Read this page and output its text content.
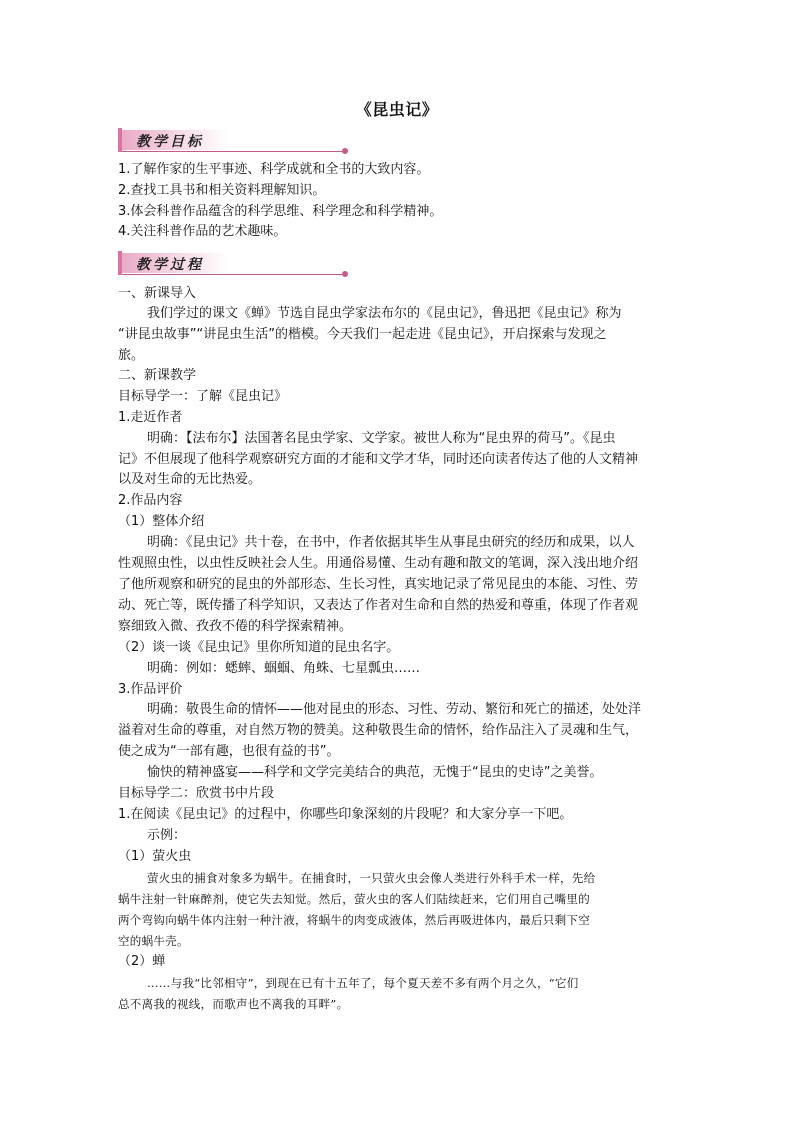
《昆虫记》
教学目标
1.了解作家的生平事迹、科学成就和全书的大致内容。
2.查找工具书和相关资料理解知识。
3.体会科普作品蕴含的科学思维、科学理念和科学精神。
4.关注科普作品的艺术趣味。
教学过程
一、新课导入
我们学过的课文《蝉》节选自昆虫学家法布尔的《昆虫记》，鲁迅把《昆虫记》称为
“讲昆虫故事”“讲昆虫生活”的楷模。今天我们一起走进《昆虫记》，开启探索与发现之
旅。
二、新课教学
目标导学一：了解《昆虫记》
1.走近作者
明确：【法布尔】法国著名昆虫学家、文学家。被世人称为“昆虫界的荷马”。《昆虫
记》不但展现了他科学观察研究方面的才能和文学才华，同时还向读者传达了他的人文精神
以及对生命的无比热爱。
2.作品内容
（1）整体介绍
明确：《昆虫记》共十卷，在书中，作者依据其毕生从事昆虫研究的经历和成果，以人
性观照虫性，以虫性反映社会人生。用通俗易懂、生动有趣和散文的笔调，深入浅出地介绍
了他所观察和研究的昆虫的外部形态、生长习性，真实地记录了常见昆虫的本能、习性、劳
动、死亡等，既传播了科学知识，又表达了作者对生命和自然的热爱和尊重，体现了作者观
察细致入微、孜孜不倦的科学探索精神。
（2）谈一谈《昆虫记》里你所知道的昆虫名字。
明确：例如：蟋蟀、蝈蝈、角蛛、七星瓢虫……
3.作品评价
明确：敬畏生命的情怀——他对昆虫的形态、习性、劳动、繁衍和死亡的描述，处处洋
溢着对生命的尊重，对自然万物的赞美。这种敬畏生命的情怀，给作品注入了灵魂和生气，
使之成为“一部有趣，也很有益的书”。
愉快的精神盛宴——科学和文学完美结合的典范，无愧于“昆虫的史诗”之美誉。
目标导学二：欣赏书中片段
1.在阅读《昆虫记》的过程中，你哪些印象深刻的片段呢？和大家分享一下吧。
示例：
（1）萤火虫
萤火虫的捕食对象多为蜗牛。在捕食时，一只萤火虫会像人类进行外科手术一样，先给
蜗牛注射一针麻醉剂，使它失去知觉。然后，萤火虫的客人们陆续赶来，它们用自己嘴里的
两个弯钩向蜗牛体内注射一种汁液，将蜗牛的肉变成液体，然后再吸进体内，最后只剩下空
空的蜗牛壳。
（2）蝉
……与我“比邻相守”，到现在已有十五年了，每个夏天差不多有两个月之久，“它们
总不离我的视线，而歌声也不离我的耳畔”。
